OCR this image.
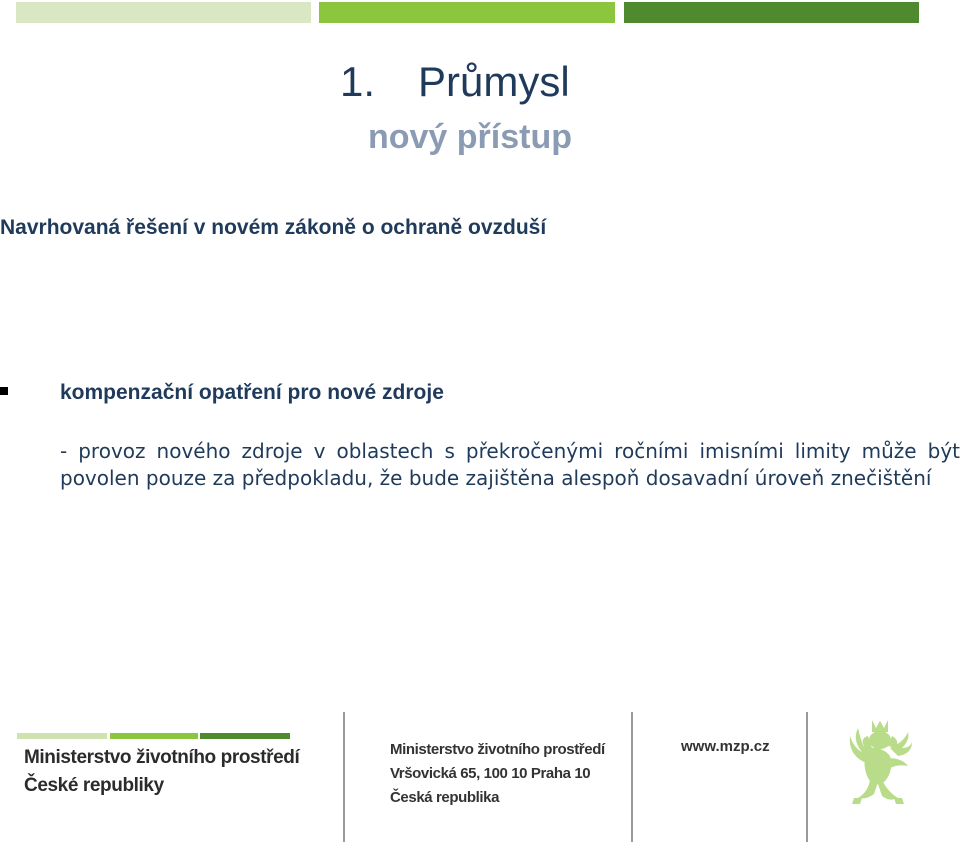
1. Průmysl
nový přístup
Navrhovaná řešení v novém zákoně o ochraně ovzduší
kompenzační opatření pro nové zdroje
- provoz nového zdroje v oblastech s překročenými ročními imisními limity může být povolen pouze za předpokladu, že bude zajištěna alespoň dosavadní úroveň znečištění
Ministerstvo životního prostředí
České republiky
Ministerstvo životního prostředí
Vršovická 65, 100 10 Praha 10
Česká republika
www.mzp.cz
